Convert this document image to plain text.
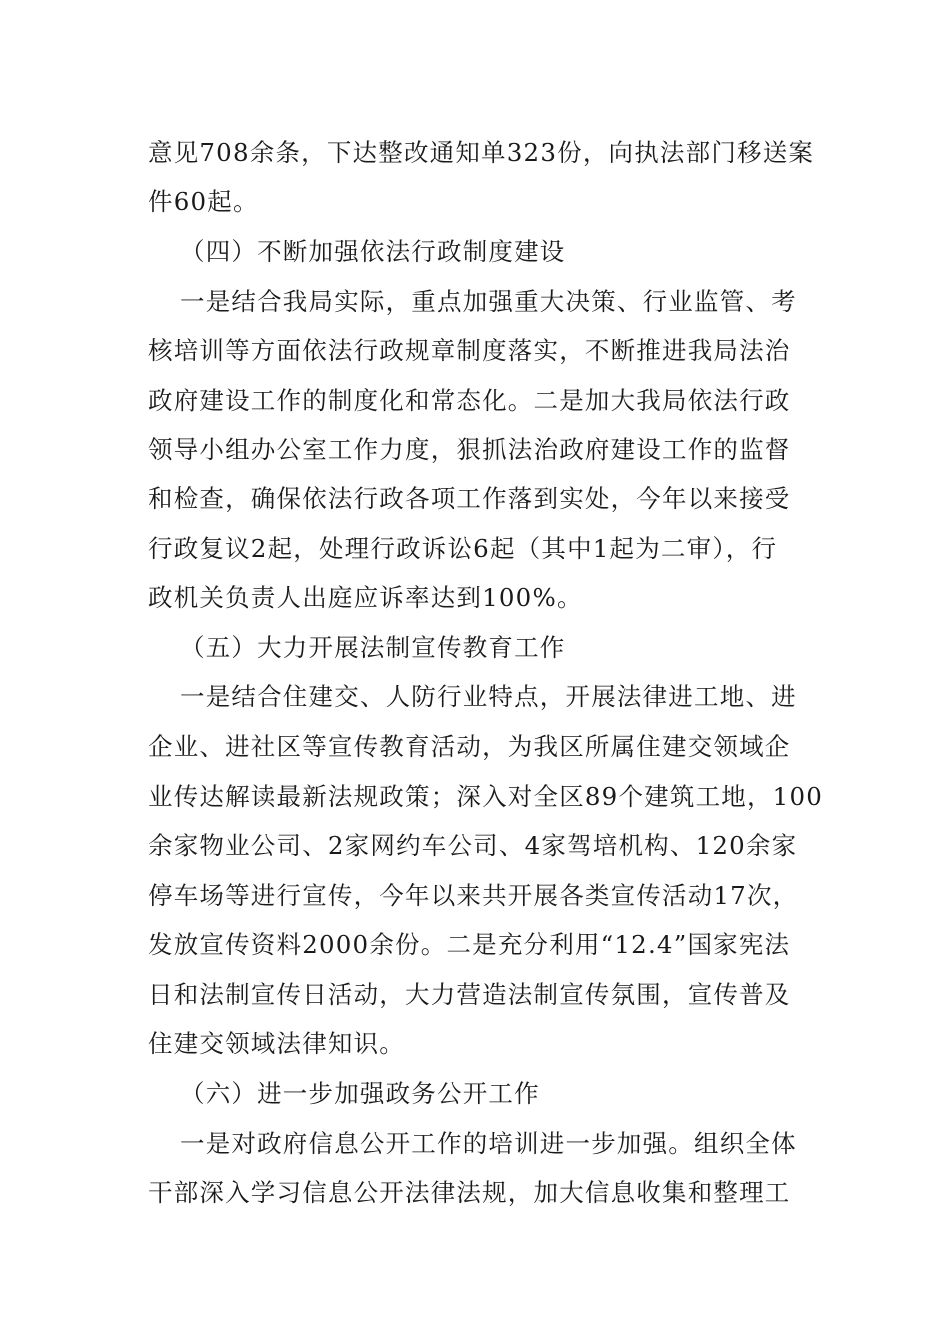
意见708余条，下达整改通知单323份，向执法部门移送案
件60起。
（四）不断加强依法行政制度建设
一是结合我局实际，重点加强重大决策、行业监管、考
核培训等方面依法行政规章制度落实，不断推进我局法治
政府建设工作的制度化和常态化。二是加大我局依法行政
领导小组办公室工作力度，狠抓法治政府建设工作的监督
和检查，确保依法行政各项工作落到实处，今年以来接受
行政复议2起，处理行政诉讼6起（其中1起为二审），行
政机关负责人出庭应诉率达到100%。
（五）大力开展法制宣传教育工作
一是结合住建交、人防行业特点，开展法律进工地、进
企业、进社区等宣传教育活动，为我区所属住建交领域企
业传达解读最新法规政策；深入对全区89个建筑工地，100
余家物业公司、2家网约车公司、4家驾培机构、120余家
停车场等进行宣传，今年以来共开展各类宣传活动17次，
发放宣传资料2000余份。二是充分利用“12.4”国家宪法
日和法制宣传日活动，大力营造法制宣传氛围，宣传普及
住建交领域法律知识。
（六）进一步加强政务公开工作
一是对政府信息公开工作的培训进一步加强。组织全体
干部深入学习信息公开法律法规，加大信息收集和整理工
